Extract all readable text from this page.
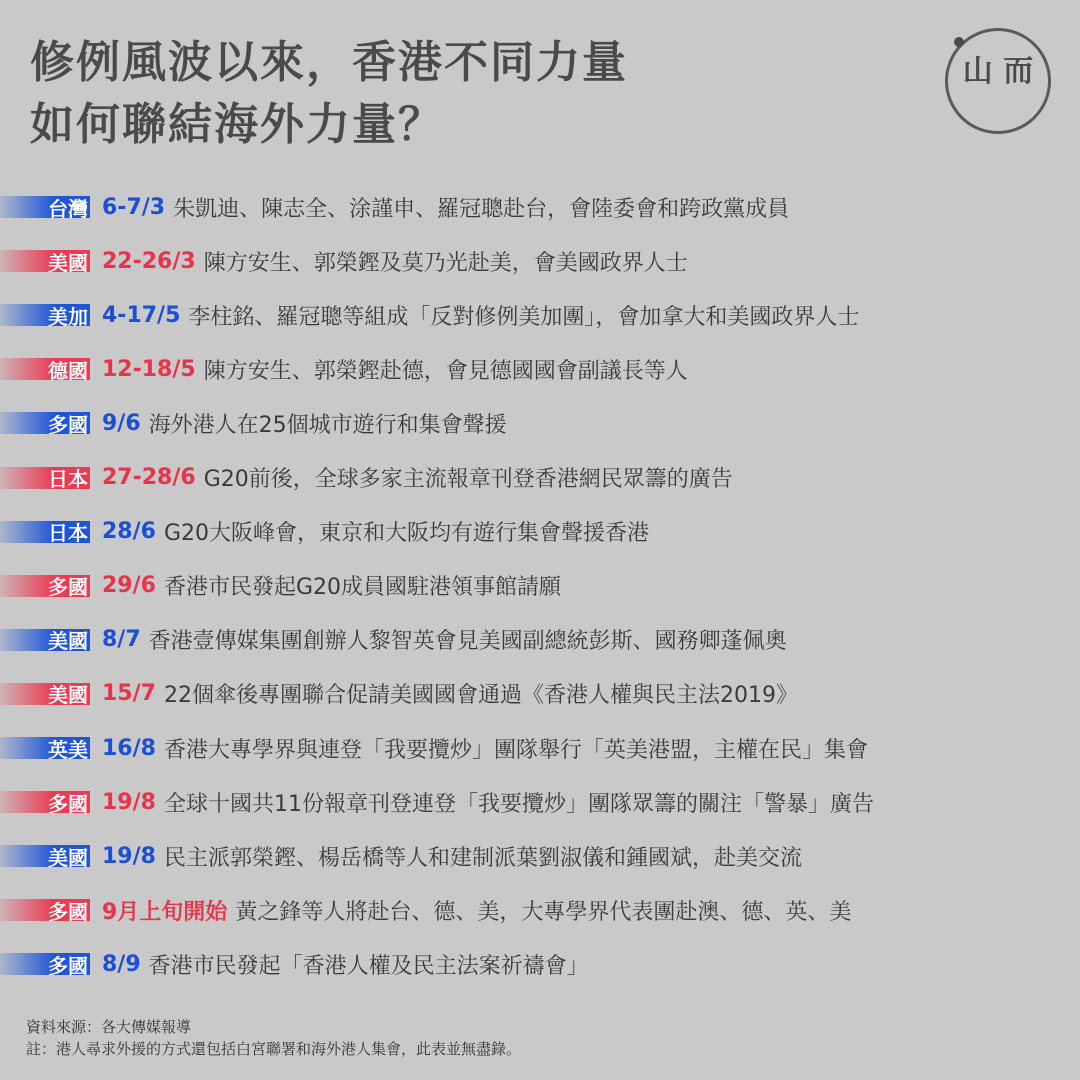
修例風波以來，香港不同力量
如何聯結海外力量？
山 而
台灣 6-7/3 朱凱迪、陳志全、涂謹申、羅冠聰赴台，會陸委會和跨政黨成員
美國 22-26/3 陳方安生、郭榮鏗及莫乃光赴美，會美國政界人士
美加 4-17/5 李柱銘、羅冠聰等組成「反對修例美加團」，會加拿大和美國政界人士
德國 12-18/5 陳方安生、郭榮鏗赴德，會見德國國會副議長等人
多國 9/6 海外港人在25個城市遊行和集會聲援
日本 27-28/6 G20前後，全球多家主流報章刊登香港網民眾籌的廣告
日本 28/6 G20大阪峰會，東京和大阪均有遊行集會聲援香港
多國 29/6 香港市民發起G20成員國駐港領事館請願
美國 8/7 香港壹傳媒集團創辦人黎智英會見美國副總統彭斯、國務卿蓬佩奧
美國 15/7 22個傘後專團聯合促請美國國會通過《香港人權與民主法2019》
英美 16/8 香港大專學界與連登「我要攬炒」團隊舉行「英美港盟，主權在民」集會
多國 19/8 全球十國共11份報章刊登連登「我要攬炒」團隊眾籌的關注「警暴」廣告
美國 19/8 民主派郭榮鏗、楊岳橋等人和建制派葉劉淑儀和鍾國斌，赴美交流
多國 9月上旬開始 黃之鋒等人將赴台、德、美，大專學界代表團赴澳、德、英、美
多國 8/9 香港市民發起「香港人權及民主法案祈禱會」
資料來源：各大傳媒報導
註：港人尋求外援的方式還包括白宮聯署和海外港人集會，此表並無盡錄。
